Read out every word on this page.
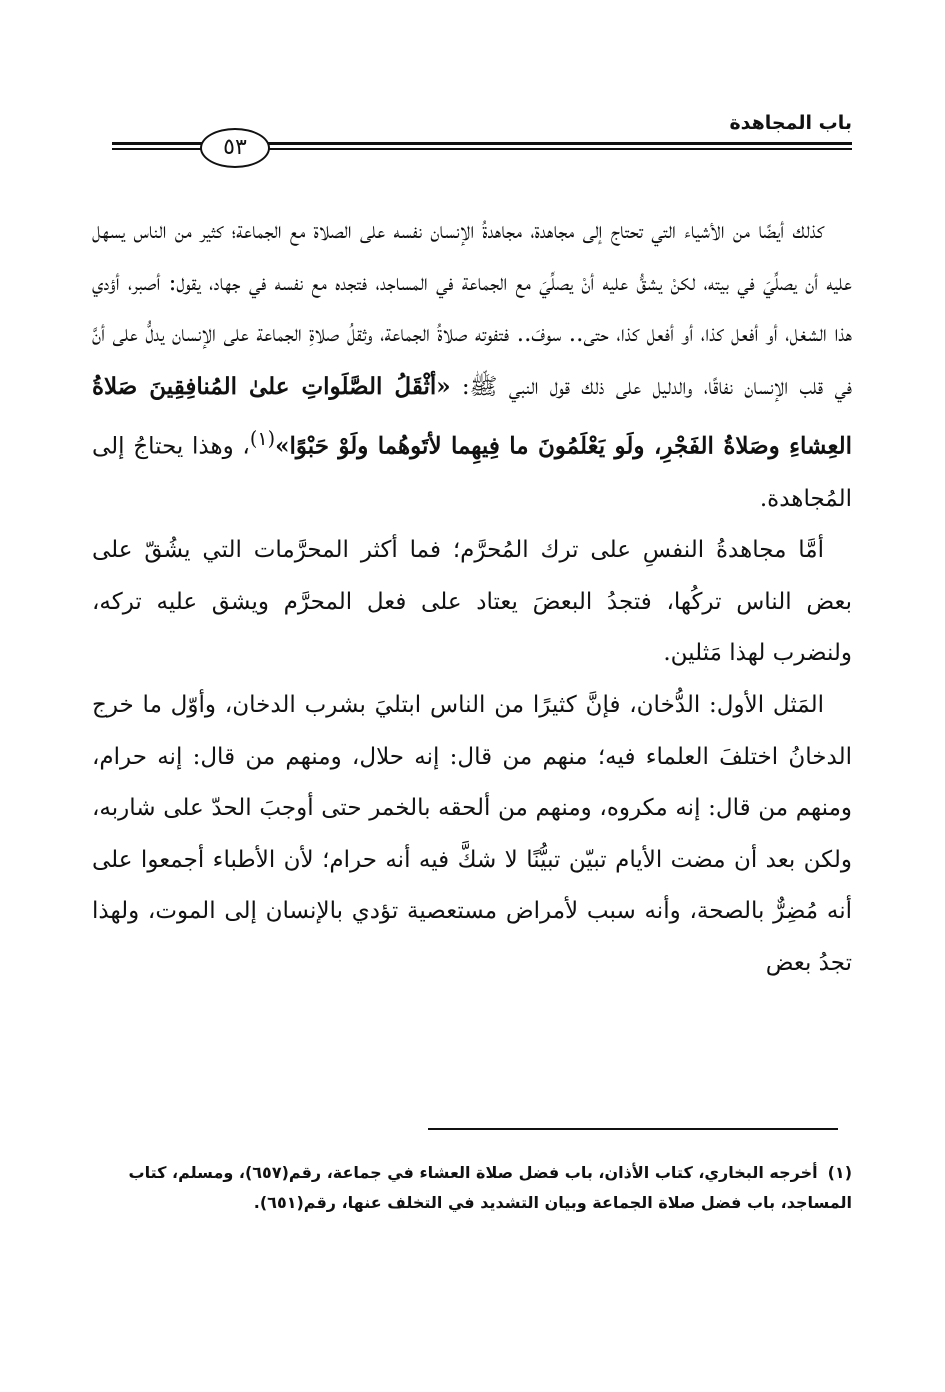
باب المجاهدة
٥٣

كذلك أيضًا من الأشياء التي تحتاج إلى مجاهدة، مجاهدةُ الإنسان نفسه على الصلاة مع الجماعة؛ كثير من الناس يسهل عليه أن يصلِّيَ في بيته، لكنْ يشقُّ عليه أنْ يصلِّيَ مع الجماعة في المساجد، فتجده مع نفسه في جهاد، يقول: أصبر، أؤدي هذا الشغل، أو أفعل كذا، أو أفعل كذا، حتى.. سوفَ.. فتفوته صلاةُ الجماعة، وثقلُ صلاةِ الجماعة على الإنسان يدلُّ على أنَّ في قلب الإنسان نفاقًا، والدليل على ذلك قول النبي ﷺ: «أثْقَلُ الصَّلَواتِ علىٰ المُنافِقِينَ صَلاةُ العِشاءِ وصَلاةُ الفَجْرِ، ولَو يَعْلَمُونَ ما فِيهِما لأتَوهُما ولَوْ حَبْوًا»$^{(١)}$، وهذا يحتاجُ إلى المُجاهدة.

أمَّا مجاهدةُ النفسِ على ترك المُحرَّم؛ فما أكثر المحرَّمات التي يشُقّ على بعض الناس تركُها، فتجدُ البعضَ يعتاد على فعل المحرَّم ويشق عليه تركه، ولنضرب لهذا مَثلين.

المَثل الأول: الدُّخان، فإنَّ كثيرًا من الناس ابتليَ بشرب الدخان، وأوّل ما خرج الدخانُ اختلفَ العلماء فيه؛ منهم من قال: إنه حلال، ومنهم من قال: إنه حرام، ومنهم من قال: إنه مكروه، ومنهم من ألحقه بالخمر حتى أوجبَ الحدّ على شاربه، ولكن بعد أن مضت الأيام تبيّن تبيُّنًا لا شكَّ فيه أنه حرام؛ لأن الأطباء أجمعوا على أنه مُضِرٌّ بالصحة، وأنه سبب لأمراض مستعصية تؤدي بالإنسان إلى الموت، ولهذا تجدُ بعض

(١)أخرجه البخاري، كتاب الأذان، باب فضل صلاة العشاء في جماعة، رقم(٦٥٧)، ومسلم، كتاب المساجد، باب فضل صلاة الجماعة وبيان التشديد في التخلف عنها، رقم(٦٥١).
